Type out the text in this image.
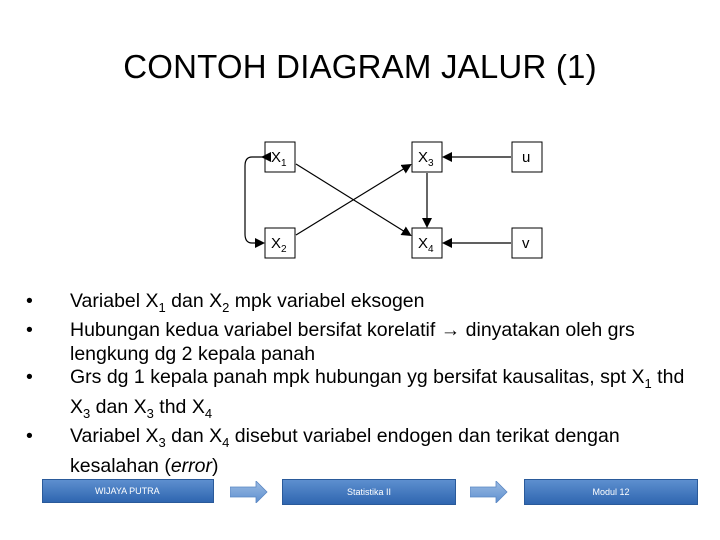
CONTOH DIAGRAM JALUR (1)
$X_1$	$X_3$	u
$X_2$	$X_4$	v
• Variabel $X_1$ dan $X_2$ mpk variabel eksogen
• Hubungan kedua variabel bersifat korelatif → dinyatakan oleh grs lengkung dg 2 kepala panah
• Grs dg 1 kepala panah mpk hubungan yg bersifat kausalitas, spt $X_1$ thd $X_3$ dan $X_3$ thd $X_4$
• Variabel $X_3$ dan $X_4$ disebut variabel endogen dan terikat dengan kesalahan (error)
WIJAYA PUTRA	Statistika II	Modul 12
